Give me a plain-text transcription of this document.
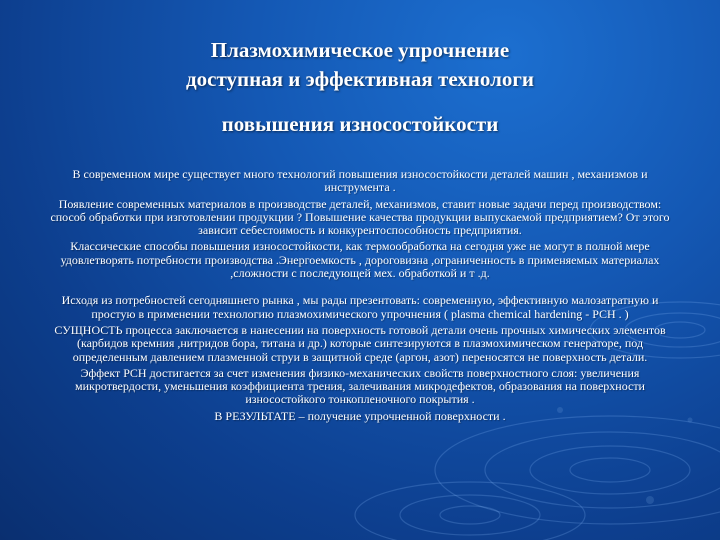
Плазмохимическое упрочнение
доступная и эффективная технологи
повышения износостойкости

В современном мире существует много технологий повышения износостойкости деталей машин , механизмов и инструмента .

Появление современных материалов в производстве деталей, механизмов, ставит новые задачи перед производством: способ обработки при изготовлении продукции ? Повышение качества продукции выпускаемой предприятием? От этого зависит себестоимость и конкурентоспособность предприятия.

Классические способы повышения износостойкости, как термообработка на сегодня уже не могут в полной мере удовлетворять потребности производства .Энергоемкость , дороговизна ,ограниченность в применяемых материалах ,сложности с последующей мех. обработкой и т .д.

Исходя из потребностей сегодняшнего рынка , мы рады презентовать: современную, эффективную малозатратную и простую в применении технологию плазмохимического упрочнения ( plasma chemical hardening - PCH . )

СУЩНОСТЬ процесса заключается в нанесении на поверхность готовой детали очень прочных химических элементов (карбидов кремния ,нитридов бора, титана и др.) которые синтезируются в плазмохимическом генераторе, под определенным давлением плазменной струи в защитной среде (аргон, азот) переносятся не поверхность детали.

Эффект PCH достигается за счет изменения физико-механических свойств поверхностного слоя: увеличения микротвердости, уменьшения коэффициента трения, залечивания микродефектов, образования на поверхности износостойкого тонкопленочного покрытия .

В РЕЗУЛЬТАТЕ – получение упрочненной поверхности .
